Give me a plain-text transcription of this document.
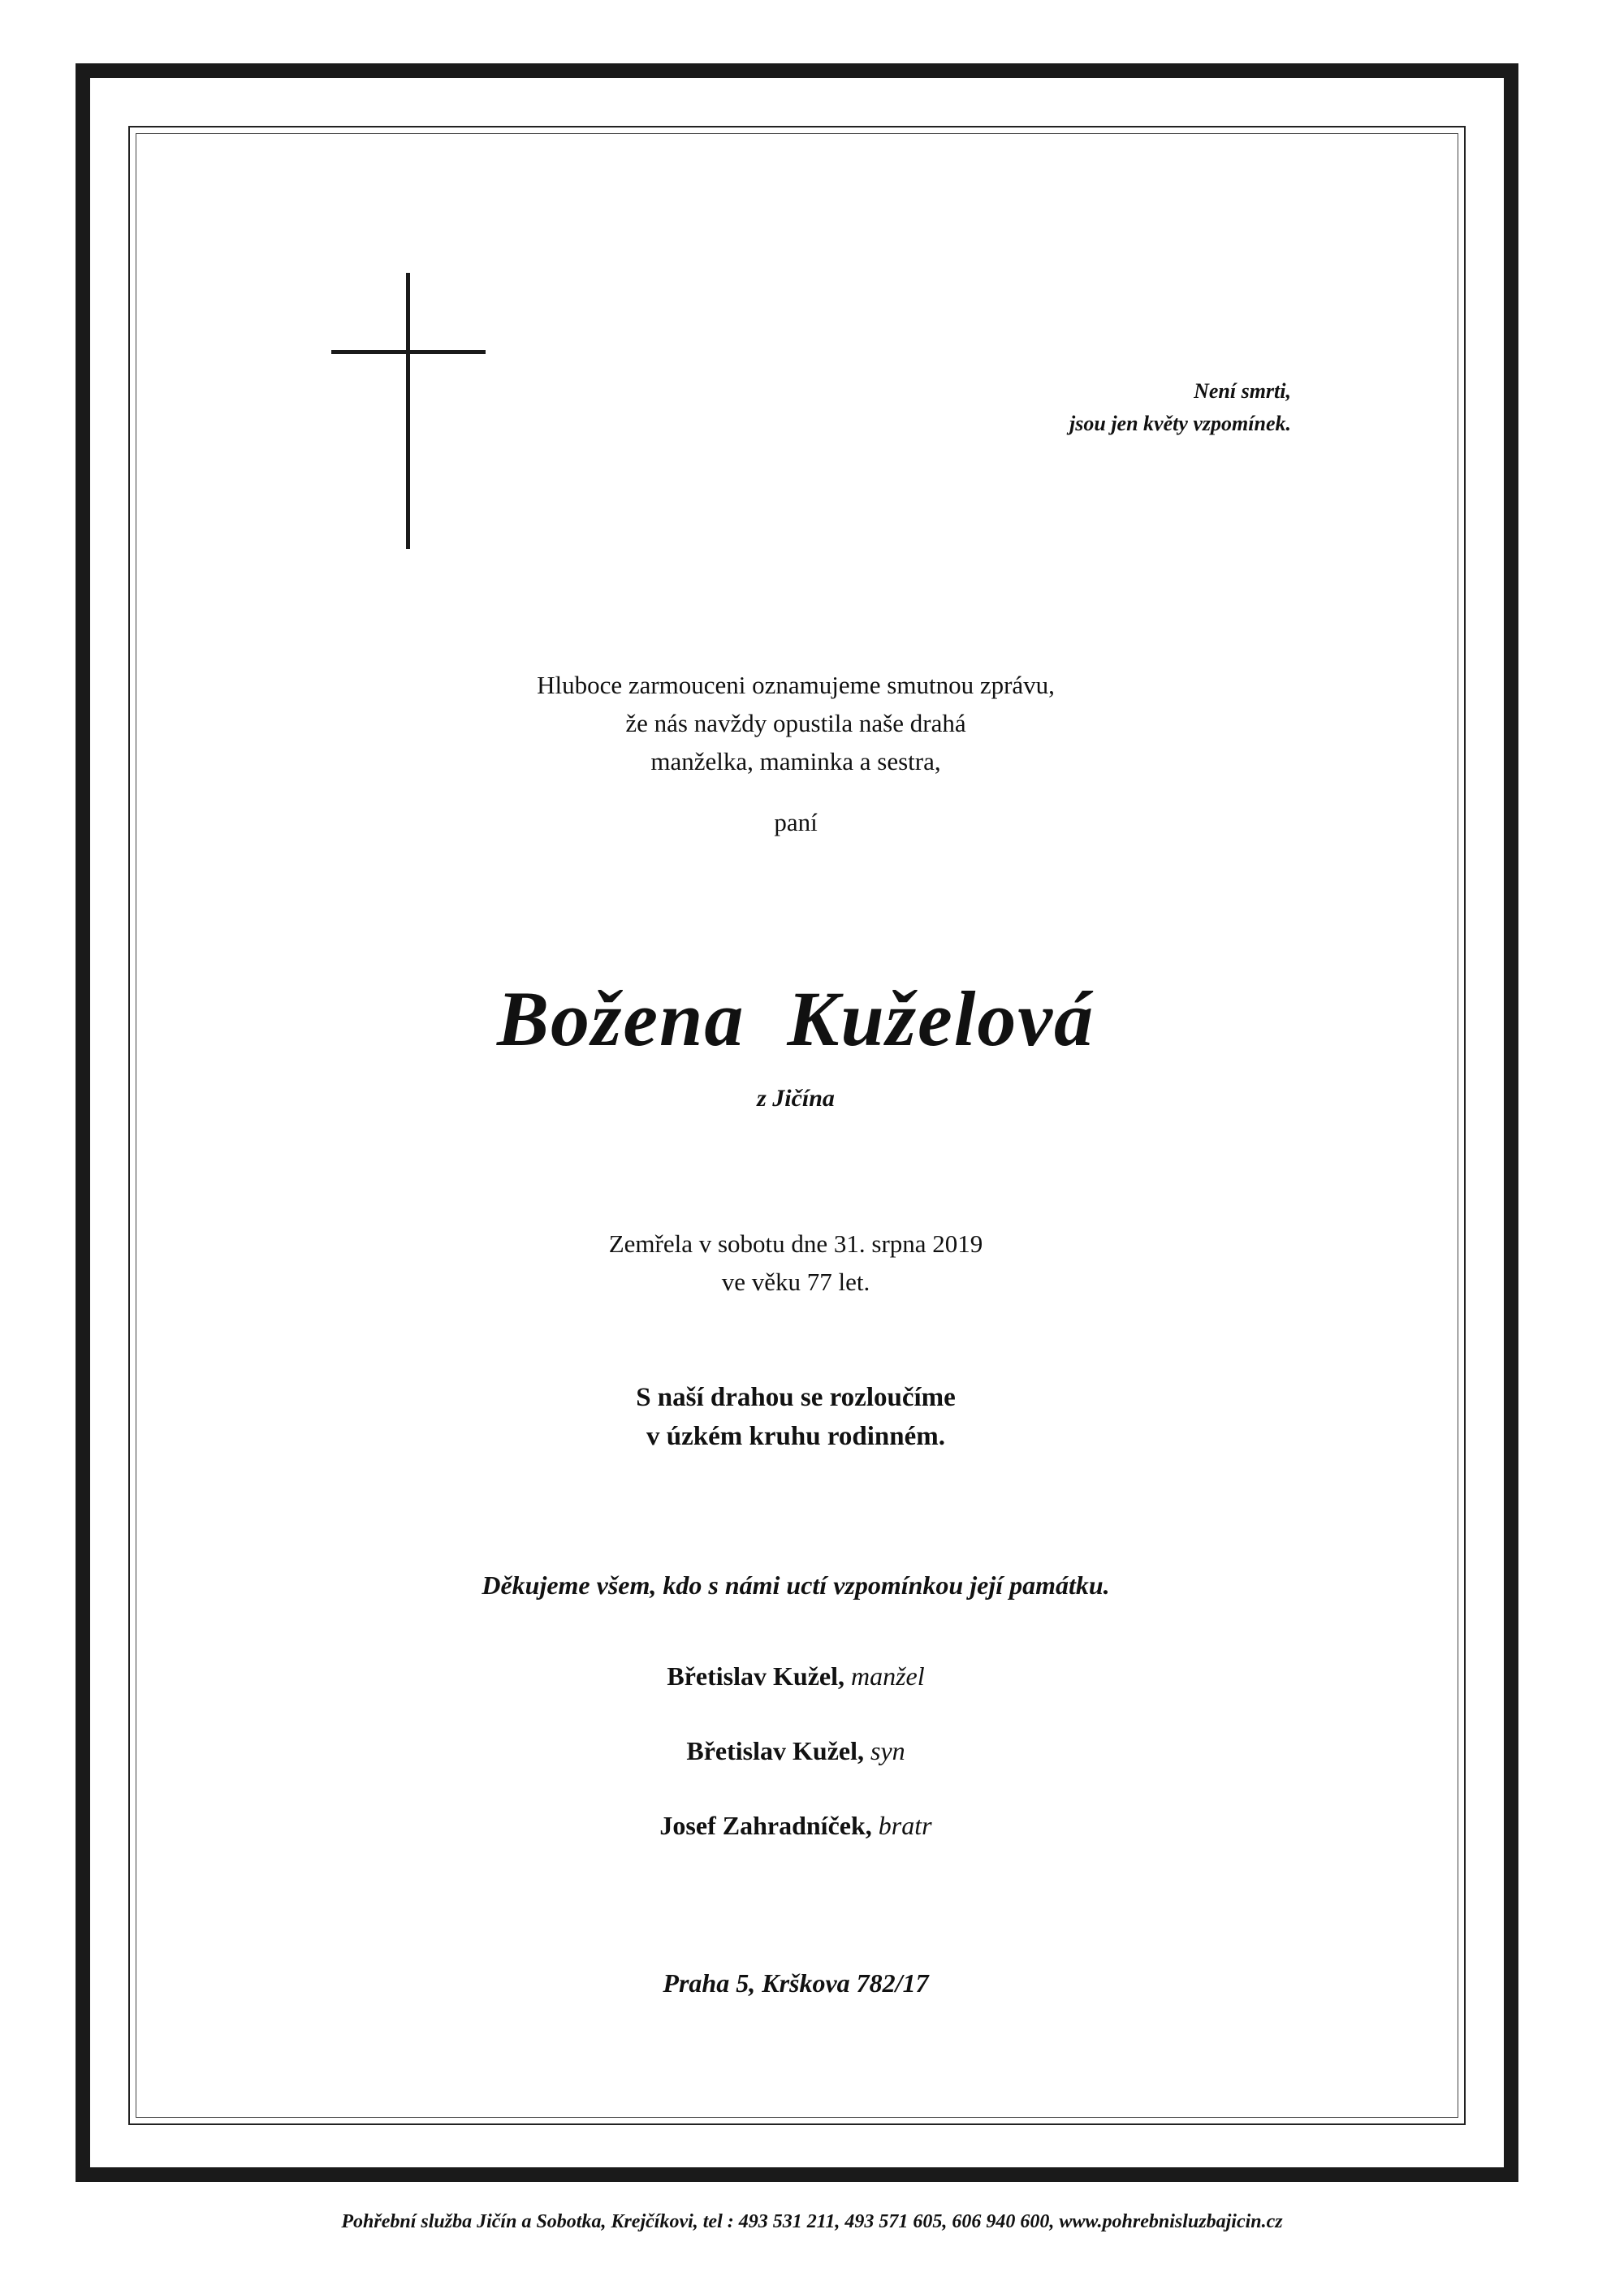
Není smrti,
jsou jen květy vzpomínek.
Hluboce zarmouceni oznamujeme smutnou zprávu,
že nás navždy opustila naše drahá
manželka, maminka a sestra,
paní
Božena  Kuželová
z Jičína
Zemřela v sobotu dne 31. srpna 2019
ve věku 77 let.
S naší drahou se rozloučíme
v úzkém kruhu rodinném.
Děkujeme všem, kdo s námi uctí vzpomínkou její památku.
Břetislav Kužel, manžel
Břetislav Kužel, syn
Josef Zahradníček, bratr
Praha 5, Krškova 782/17
Pohřební služba Jičín a Sobotka, Krejčíkovi, tel : 493 531 211, 493 571 605, 606 940 600, www.pohrebnisluzbajicin.cz
